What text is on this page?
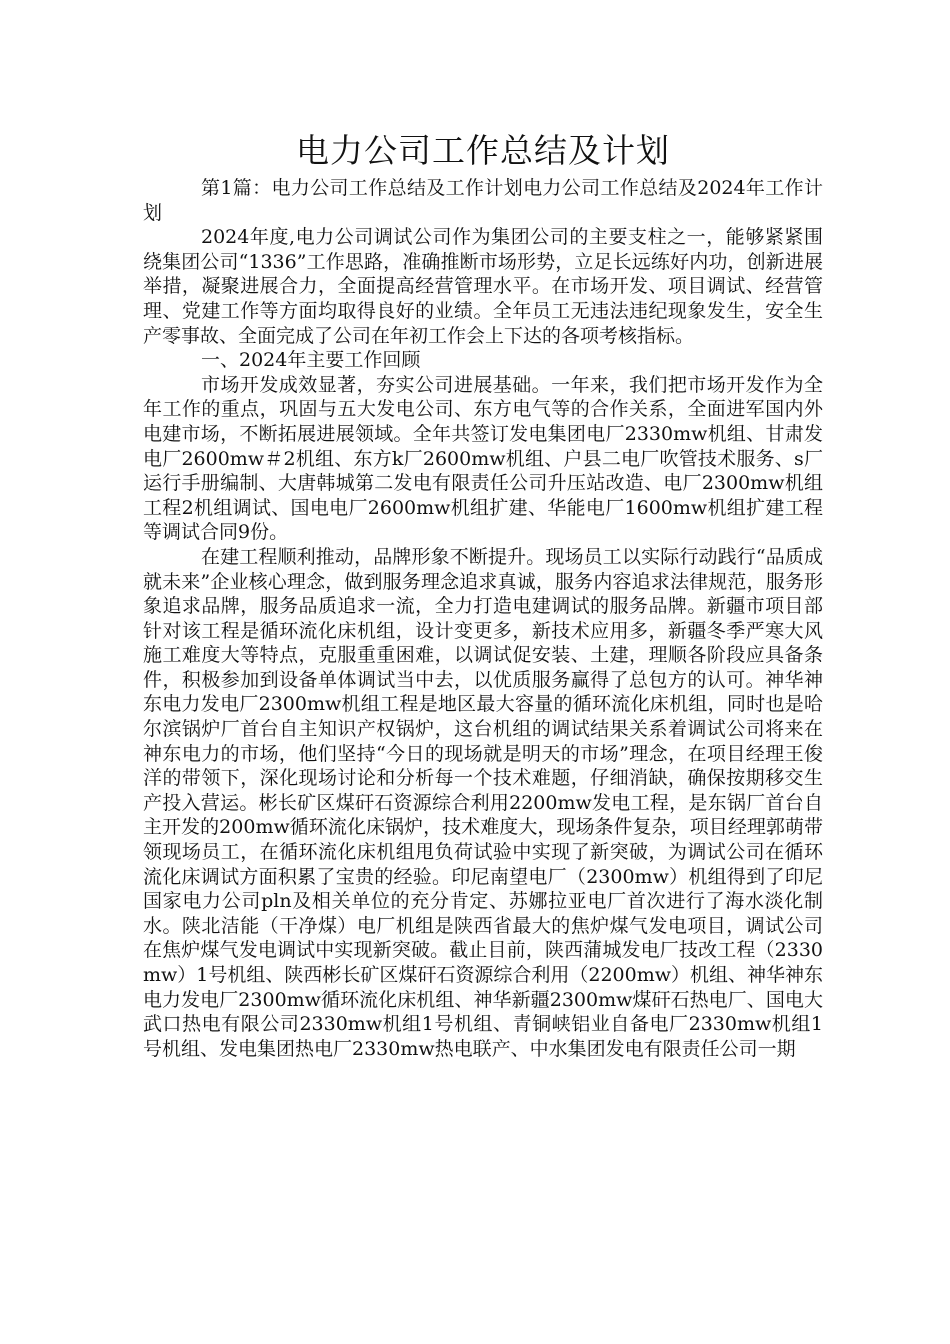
电力公司工作总结及计划

第1篇：电力公司工作总结及工作计划电力公司工作总结及2024年工作计划

2024年度,电力公司调试公司作为集团公司的主要支柱之一，能够紧紧围绕集团公司“1336”工作思路，准确推断市场形势，立足长远练好内功，创新进展举措，凝聚进展合力，全面提高经营管理水平。在市场开发、项目调试、经营管理、党建工作等方面均取得良好的业绩。全年员工无违法违纪现象发生，安全生产零事故、全面完成了公司在年初工作会上下达的各项考核指标。

一、2024年主要工作回顾

市场开发成效显著，夯实公司进展基础。一年来，我们把市场开发作为全年工作的重点，巩固与五大发电公司、东方电气等的合作关系，全面进军国内外电建市场，不断拓展进展领域。全年共签订发电集团电厂2330mw机组、甘肃发电厂2600mw＃2机组、东方k厂2600mw机组、户县二电厂吹管技术服务、s厂运行手册编制、大唐韩城第二发电有限责任公司升压站改造、电厂2300mw机组工程2机组调试、国电电厂2600mw机组扩建、华能电厂1600mw机组扩建工程等调试合同9份。

在建工程顺利推动，品牌形象不断提升。现场员工以实际行动践行“品质成就未来”企业核心理念，做到服务理念追求真诚，服务内容追求法律规范，服务形象追求品牌，服务品质追求一流，全力打造电建调试的服务品牌。新疆市项目部针对该工程是循环流化床机组，设计变更多，新技术应用多，新疆冬季严寒大风施工难度大等特点，克服重重困难，以调试促安装、土建，理顺各阶段应具备条件，积极参加到设备单体调试当中去，以优质服务赢得了总包方的认可。神华神东电力发电厂2300mw机组工程是地区最大容量的循环流化床机组，同时也是哈尔滨锅炉厂首台自主知识产权锅炉，这台机组的调试结果关系着调试公司将来在神东电力的市场，他们坚持“今日的现场就是明天的市场”理念，在项目经理王俊洋的带领下，深化现场讨论和分析每一个技术难题，仔细消缺，确保按期移交生产投入营运。彬长矿区煤矸石资源综合利用2200mw发电工程，是东锅厂首台自主开发的200mw循环流化床锅炉，技术难度大，现场条件复杂，项目经理郭萌带领现场员工，在循环流化床机组甩负荷试验中实现了新突破，为调试公司在循环流化床调试方面积累了宝贵的经验。印尼南望电厂（2300mw）机组得到了印尼国家电力公司pln及相关单位的充分肯定、苏娜拉亚电厂首次进行了海水淡化制水。陕北洁能（干净煤）电厂机组是陕西省最大的焦炉煤气发电项目，调试公司在焦炉煤气发电调试中实现新突破。截止目前，陕西蒲城发电厂技改工程（2330mw）1号机组、陕西彬长矿区煤矸石资源综合利用（2200mw）机组、神华神东电力发电厂2300mw循环流化床机组、神华新疆2300mw煤矸石热电厂、国电大武口热电有限公司2330mw机组1号机组、青铜峡铝业自备电厂2330mw机组1号机组、发电集团热电厂2330mw热电联产、中水集团发电有限责任公司一期
